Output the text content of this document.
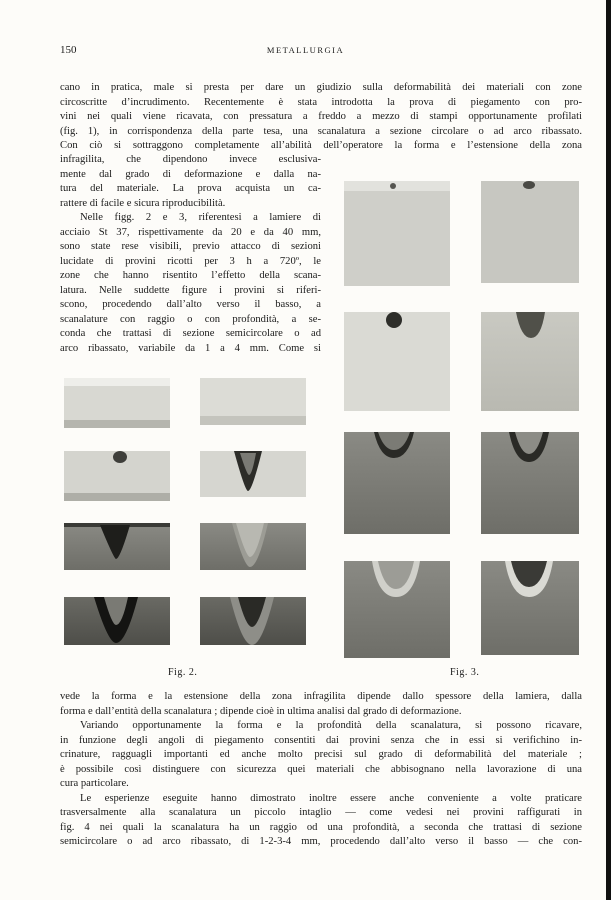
150	METALLURGIA
cano in pratica, male si presta per dare un giudizio sulla deformabilità dei materiali con zone
circoscritte d’incrudimento. Recentemente è stata introdotta la prova di piegamento con pro-
vini nei quali viene ricavata, con pressatura a freddo a mezzo di stampi opportunamente profilati
(fig. 1), in corrispondenza della parte tesa, una scanalatura a sezione circolare o ad arco ribassato.
Con ciò si sottraggono completamente all’abilità dell’operatore la forma e l’estensione della zona
infragilita, che dipendono invece esclusiva-
mente dal grado di deformazione e dalla na-
tura del materiale. La prova acquista un ca-
rattere di facile e sicura riproducibilità.
Nelle figg. 2 e 3, riferentesi a lamiere di
acciaio St 37, rispettivamente da 20 e da 40 mm,
sono state rese visibili, previo attacco di sezioni
lucidate di provini ricotti per 3 h a 720º, le
zone che hanno risentito l’effetto della scana-
latura. Nelle suddette figure i provini si riferi-
scono, procedendo dall’alto verso il basso, a
scanalature con raggio o con profondità, a se-
conda che trattasi di sezione semicircolare o ad
arco ribassato, variabile da 1 a 4 mm. Come si
Fig. 2.	Fig. 3.
vede la forma e la estensione della zona infragilita dipende dallo spessore della lamiera, dalla
forma e dall’entità della scanalatura ; dipende cioè in ultima analisi dal grado di deformazione.
Variando opportunamente la forma e la profondità della scanalatura, si possono ricavare,
in funzione degli angoli di piegamento consentiti dai provini senza che in essi si verifichino in-
crinature, ragguagli importanti ed anche molto precisi sul grado di deformabilità del materiale ;
è possibile così distinguere con sicurezza quei materiali che abbisognano nella lavorazione di una
cura particolare.
Le esperienze eseguite hanno dimostrato inoltre essere anche conveniente a volte praticare
trasversalmente alla scanalatura un piccolo intaglio — come vedesi nei provini raffigurati in
fig. 4 nei quali la scanalatura ha un raggio od una profondità, a seconda che trattasi di sezione
semicircolare o ad arco ribassato, di 1-2-3-4 mm, procedendo dall’alto verso il basso — che con-
